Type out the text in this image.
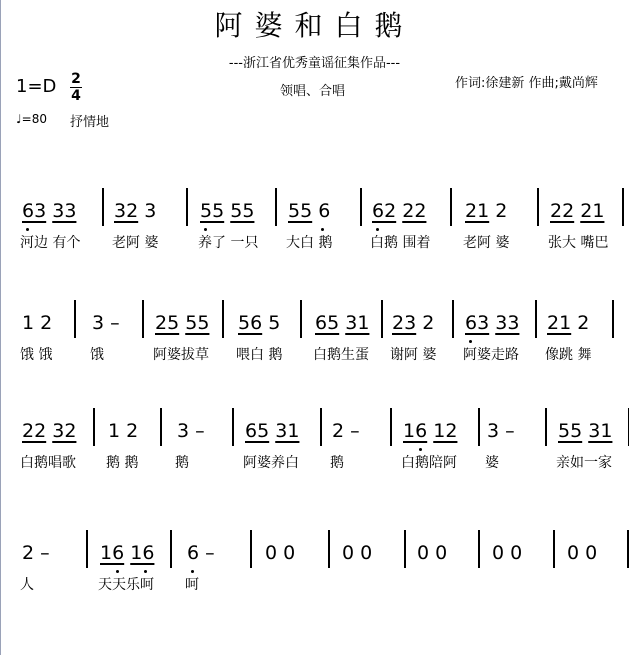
阿婆和白鹅
---浙江省优秀童谣征集作品---
1=D 2
4	领唱、合唱
作词:徐建新 作曲;戴尚辉
♩=80 抒情地
63 33
河边 有个
32 3
老阿 婆
55 55
养了 一只
55 6
大白 鹅
62 22
白鹅 围着
21 2
老阿 婆
22 21
张大 嘴巴
1 2
饿 饿
3 –
饿
25 55
阿婆拔草
56 5
喂白 鹅
65 31
白鹅生蛋
23 2
谢阿 婆
63 33
阿婆走路
21 2
像跳 舞
22 32
白鹅唱歌
1 2
鹅 鹅
3 –
鹅
65 31
阿婆养白
2 –
鹅
16 12
白鹅陪阿
3 –
婆
55 31
亲如一家
2 –
人
16 16
天天乐呵
6 –
呵
0 0 0 0 0 0 0 0 0 0
